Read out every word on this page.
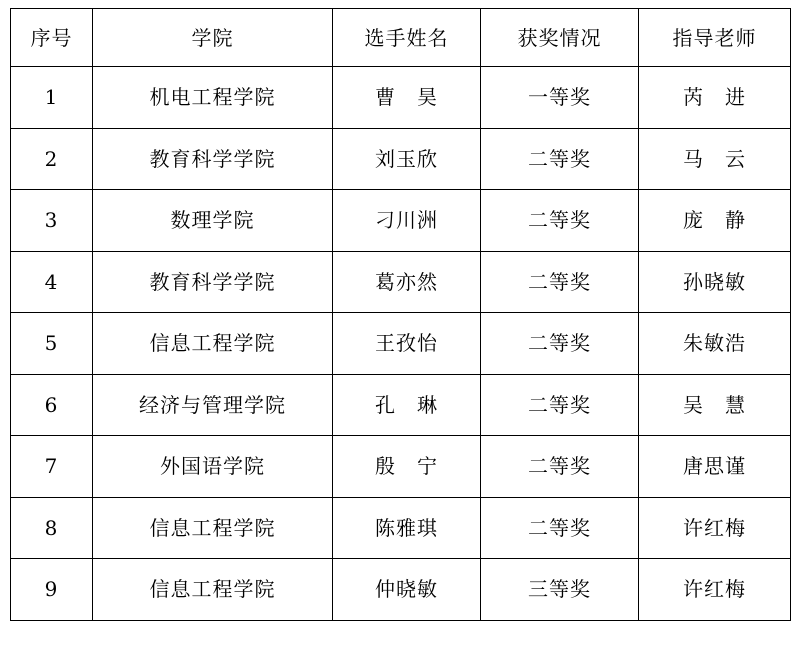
序号	学院	选手姓名	获奖情况	指导老师

1	机电工程学院	曹　昊	一等奖	芮　进

2	教育科学学院	刘玉欣	二等奖	马　云

3	数理学院	刁川洲	二等奖	庞　静

4	教育科学学院	葛亦然	二等奖	孙晓敏

5	信息工程学院	王孜怡	二等奖	朱敏浩

6	经济与管理学院	孔　琳	二等奖	吴　慧

7	外国语学院	殷　宁	二等奖	唐思谨

8	信息工程学院	陈雅琪	二等奖	许红梅

9	信息工程学院	仲晓敏	三等奖	许红梅
